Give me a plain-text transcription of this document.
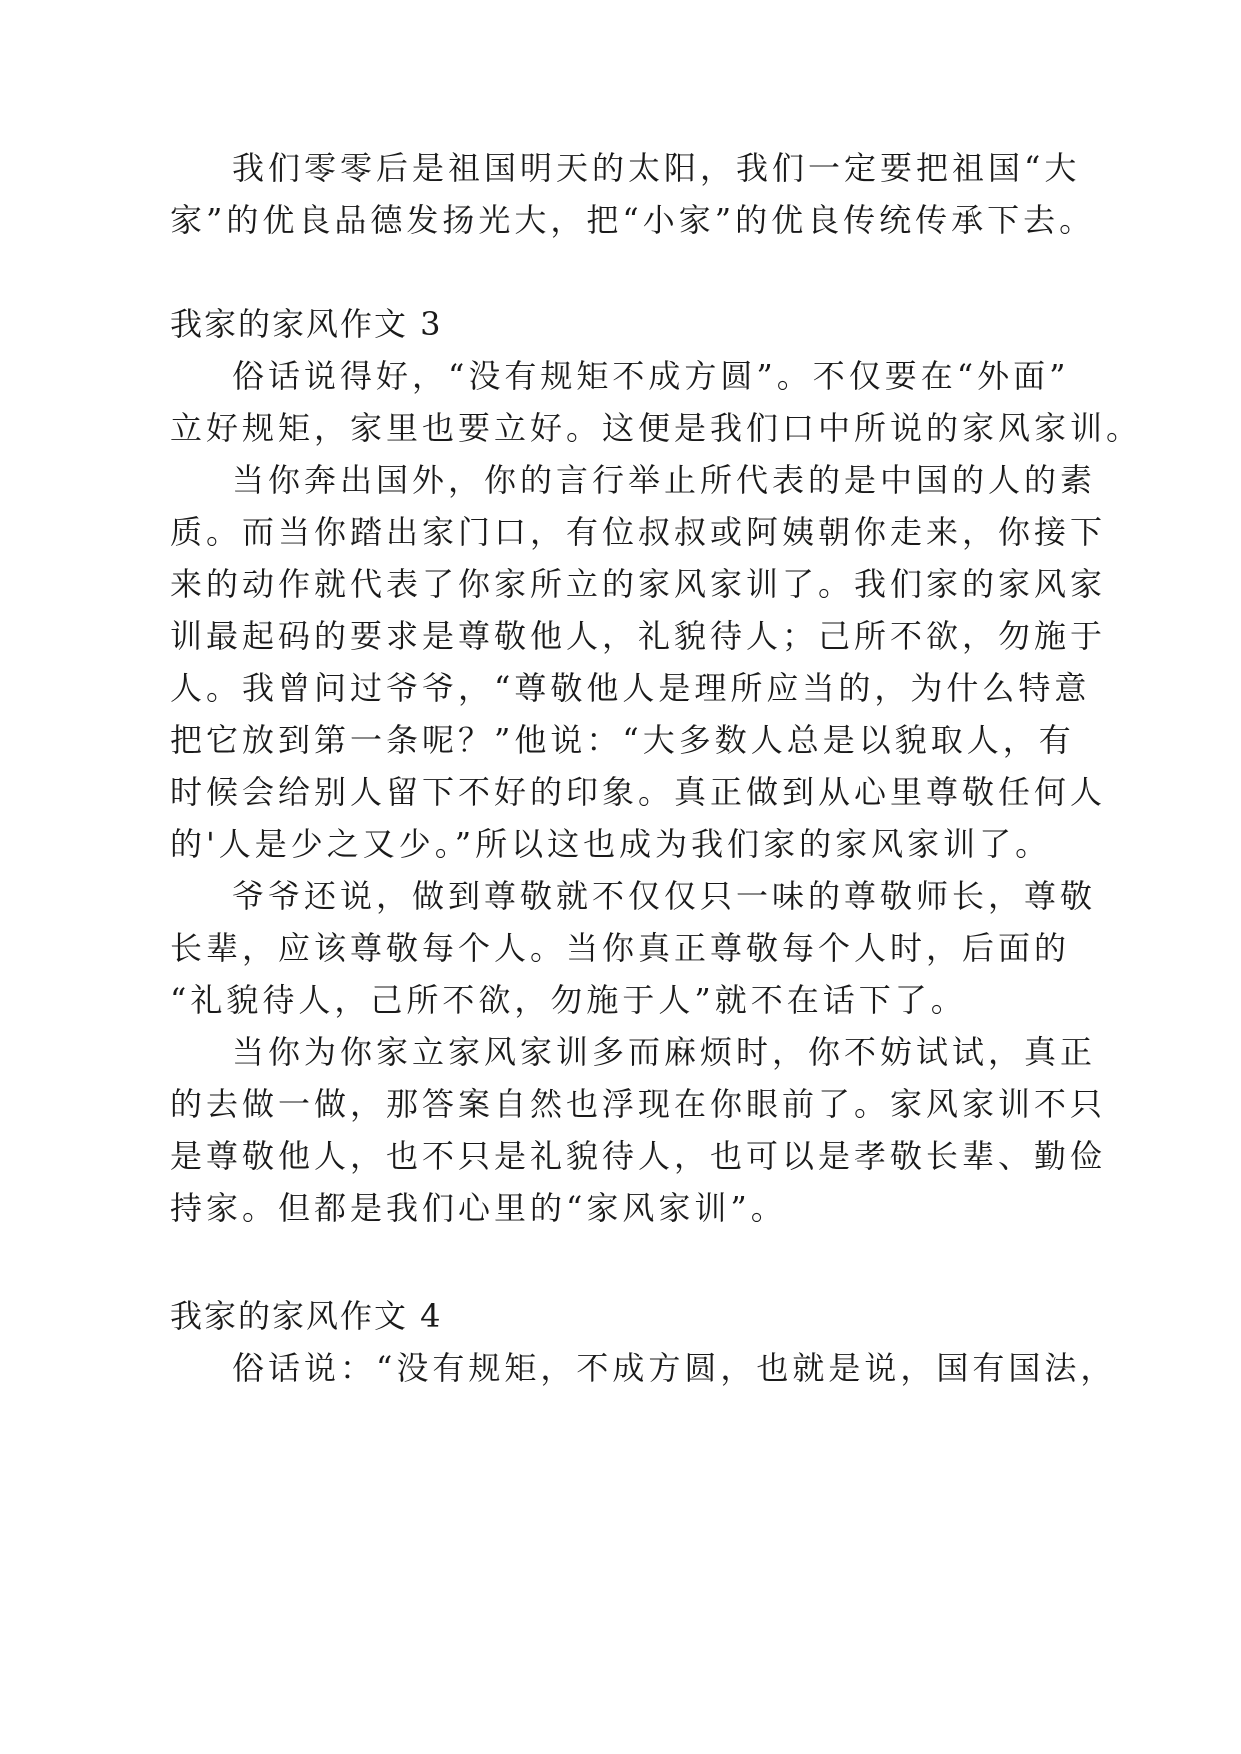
我们零零后是祖国明天的太阳，我们一定要把祖国“大
家”的优良品德发扬光大，把“小家”的优良传统传承下去。
我家的家风作文 3
俗话说得好，“没有规矩不成方圆”。不仅要在“外面”
立好规矩，家里也要立好。这便是我们口中所说的家风家训。
当你奔出国外，你的言行举止所代表的是中国的人的素
质。而当你踏出家门口，有位叔叔或阿姨朝你走来，你接下
来的动作就代表了你家所立的家风家训了。我们家的家风家
训最起码的要求是尊敬他人，礼貌待人；己所不欲，勿施于
人。我曾问过爷爷，“尊敬他人是理所应当的，为什么特意
把它放到第一条呢？”他说：“大多数人总是以貌取人，有
时候会给别人留下不好的印象。真正做到从心里尊敬任何人
的'人是少之又少。”所以这也成为我们家的家风家训了。
爷爷还说，做到尊敬就不仅仅只一味的尊敬师长，尊敬
长辈，应该尊敬每个人。当你真正尊敬每个人时，后面的
“礼貌待人，己所不欲，勿施于人”就不在话下了。
当你为你家立家风家训多而麻烦时，你不妨试试，真正
的去做一做，那答案自然也浮现在你眼前了。家风家训不只
是尊敬他人，也不只是礼貌待人，也可以是孝敬长辈、勤俭
持家。但都是我们心里的“家风家训”。
我家的家风作文 4
俗话说：“没有规矩，不成方圆，也就是说，国有国法，
